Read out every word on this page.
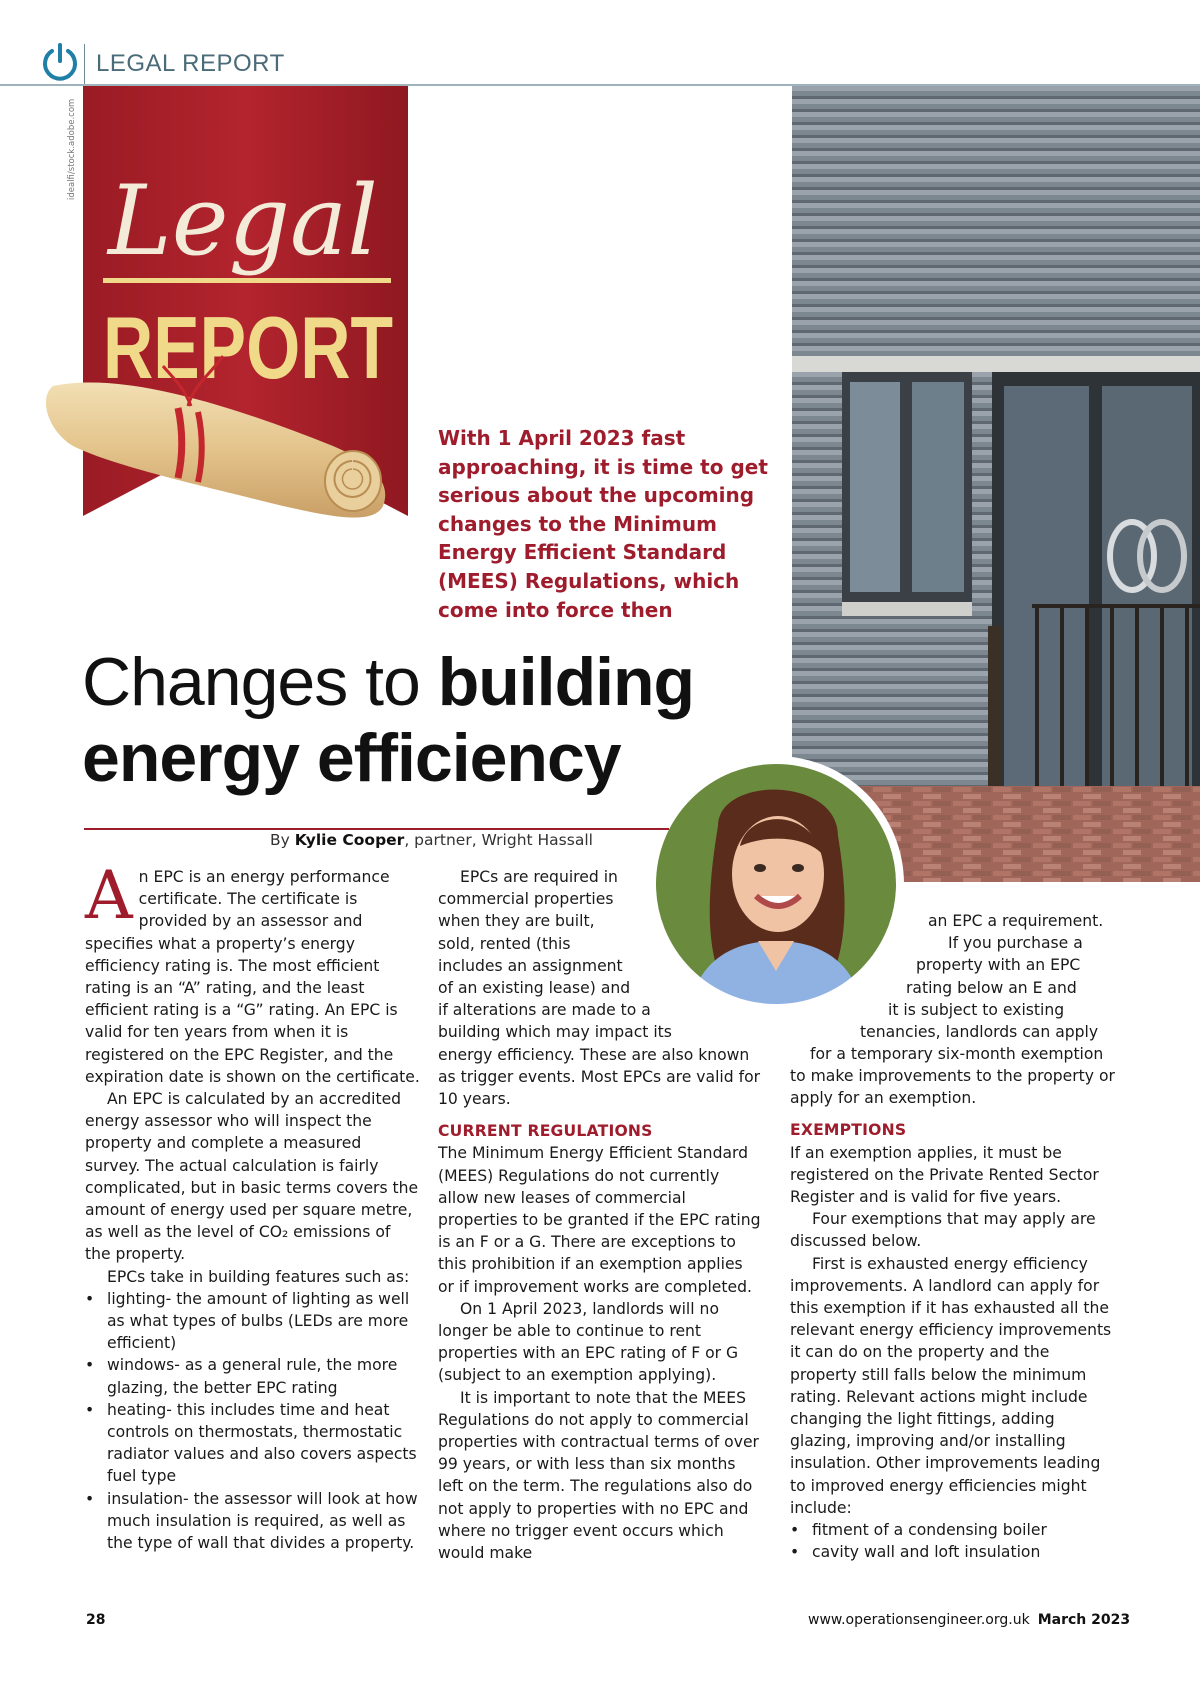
LEGAL REPORT
idealfi/stock.adobe.com
Legal
REPORT
With 1 April 2023 fast
approaching, it is time to get
serious about the upcoming
changes to the Minimum
Energy Efficient Standard
(MEES) Regulations, which
come into force then
Changes to building
energy efficiency
By Kylie Cooper, partner, Wright Hassall

An EPC is an energy performance certificate. The certificate is provided by an assessor and specifies what a property’s energy efficiency rating is. The most efficient rating is an “A” rating, and the least efficient rating is a “G” rating. An EPC is valid for ten years from when it is registered on the EPC Register, and the expiration date is shown on the certificate.

An EPC is calculated by an accredited energy assessor who will inspect the property and complete a measured survey. The actual calculation is fairly complicated, but in basic terms covers the amount of energy used per square metre, as well as the level of CO₂ emissions of the property.

EPCs take in building features such as:

• lighting- the amount of lighting as well as what types of bulbs (LEDs are more efficient)
• windows- as a general rule, the more glazing, the better EPC rating
• heating- this includes time and heat controls on thermostats, thermostatic radiator values and also covers aspects fuel type
• insulation- the assessor will look at how much insulation is required, as well as the type of wall that divides a property.

EPCs are required in
commercial properties
when they are built,
sold, rented (this
includes an assignment
of an existing lease) and
if alterations are made to a
building which may impact its

energy efficiency. These are also known as trigger events. Most EPCs are valid for 10 years.

CURRENT REGULATIONS

The Minimum Energy Efficient Standard (MEES) Regulations do not currently allow new leases of commercial properties to be granted if the EPC rating is an F or a G. There are exceptions to this prohibition if an exemption applies or if improvement works are completed.

On 1 April 2023, landlords will no longer be able to continue to rent properties with an EPC rating of F or G (subject to an exemption applying).

It is important to note that the MEES Regulations do not apply to commercial properties with contractual terms of over 99 years, or with less than six months left on the term. The regulations also do not apply to properties with no EPC and where no trigger event occurs which would make

an EPC a requirement.
If you purchase a
property with an EPC
rating below an E and
it is subject to existing
tenancies, landlords can apply
for a temporary six-month exemption

to make improvements to the property or apply for an exemption.

EXEMPTIONS

If an exemption applies, it must be registered on the Private Rented Sector Register and is valid for five years.

Four exemptions that may apply are discussed below.

First is exhausted energy efficiency improvements. A landlord can apply for this exemption if it has exhausted all the relevant energy efficiency improvements it can do on the property and the property still falls below the minimum rating. Relevant actions might include changing the light fittings, adding glazing, improving and/or installing insulation. Other improvements leading to improved energy efficiencies might include:

• fitment of a condensing boiler
• cavity wall and loft insulation
28	www.operationsengineer.org.uk March 2023
